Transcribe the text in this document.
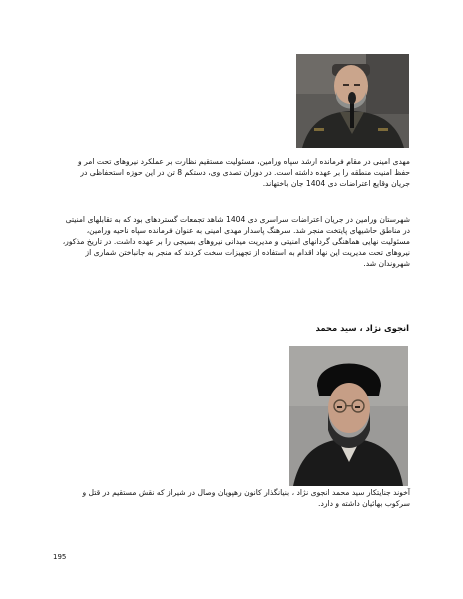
مهدی امینی در مقام فرمانده ارشد سپاه ورامین، مسئولیت مستقیم نظارت بر عملکرد نیروهای تحت امر و حفظ امنیت منطقه را بر عهده داشته است. در دوران تصدی وی، دستکم 8 تن در این حوزه استحفاظی در جریان وقایع اعتراضات دی 1404 جان باختهاند.

شهرستان ورامین در جریان اعتراضات سراسری دی 1404 شاهد تجمعات گستردهای بود که به تقابلهای امنیتی در مناطق حاشیهای پایتخت منجر شد. سرهنگ پاسدار مهدی امینی به عنوان فرمانده سپاه ناحیه ورامین، مسئولیت نهایی هماهنگی گردانهای امنیتی و مدیریت میدانی نیروهای بسیجی را بر عهده داشت. در تاریخ مذکور، نیروهای تحت مدیریت این نهاد اقدام به استفاده از تجهیزات سخت کردند که منجر به جانباختن شماری از شهروندان شد.

انجوی نژاد ، سید محمد

آخوند جنایتکار سید محمد انجوی نژاد ، بنیانگذار کانون رهپویان وصال در شیراز که نقش مستقیم در قتل و سرکوب بهائیان داشته و دارد.

195
